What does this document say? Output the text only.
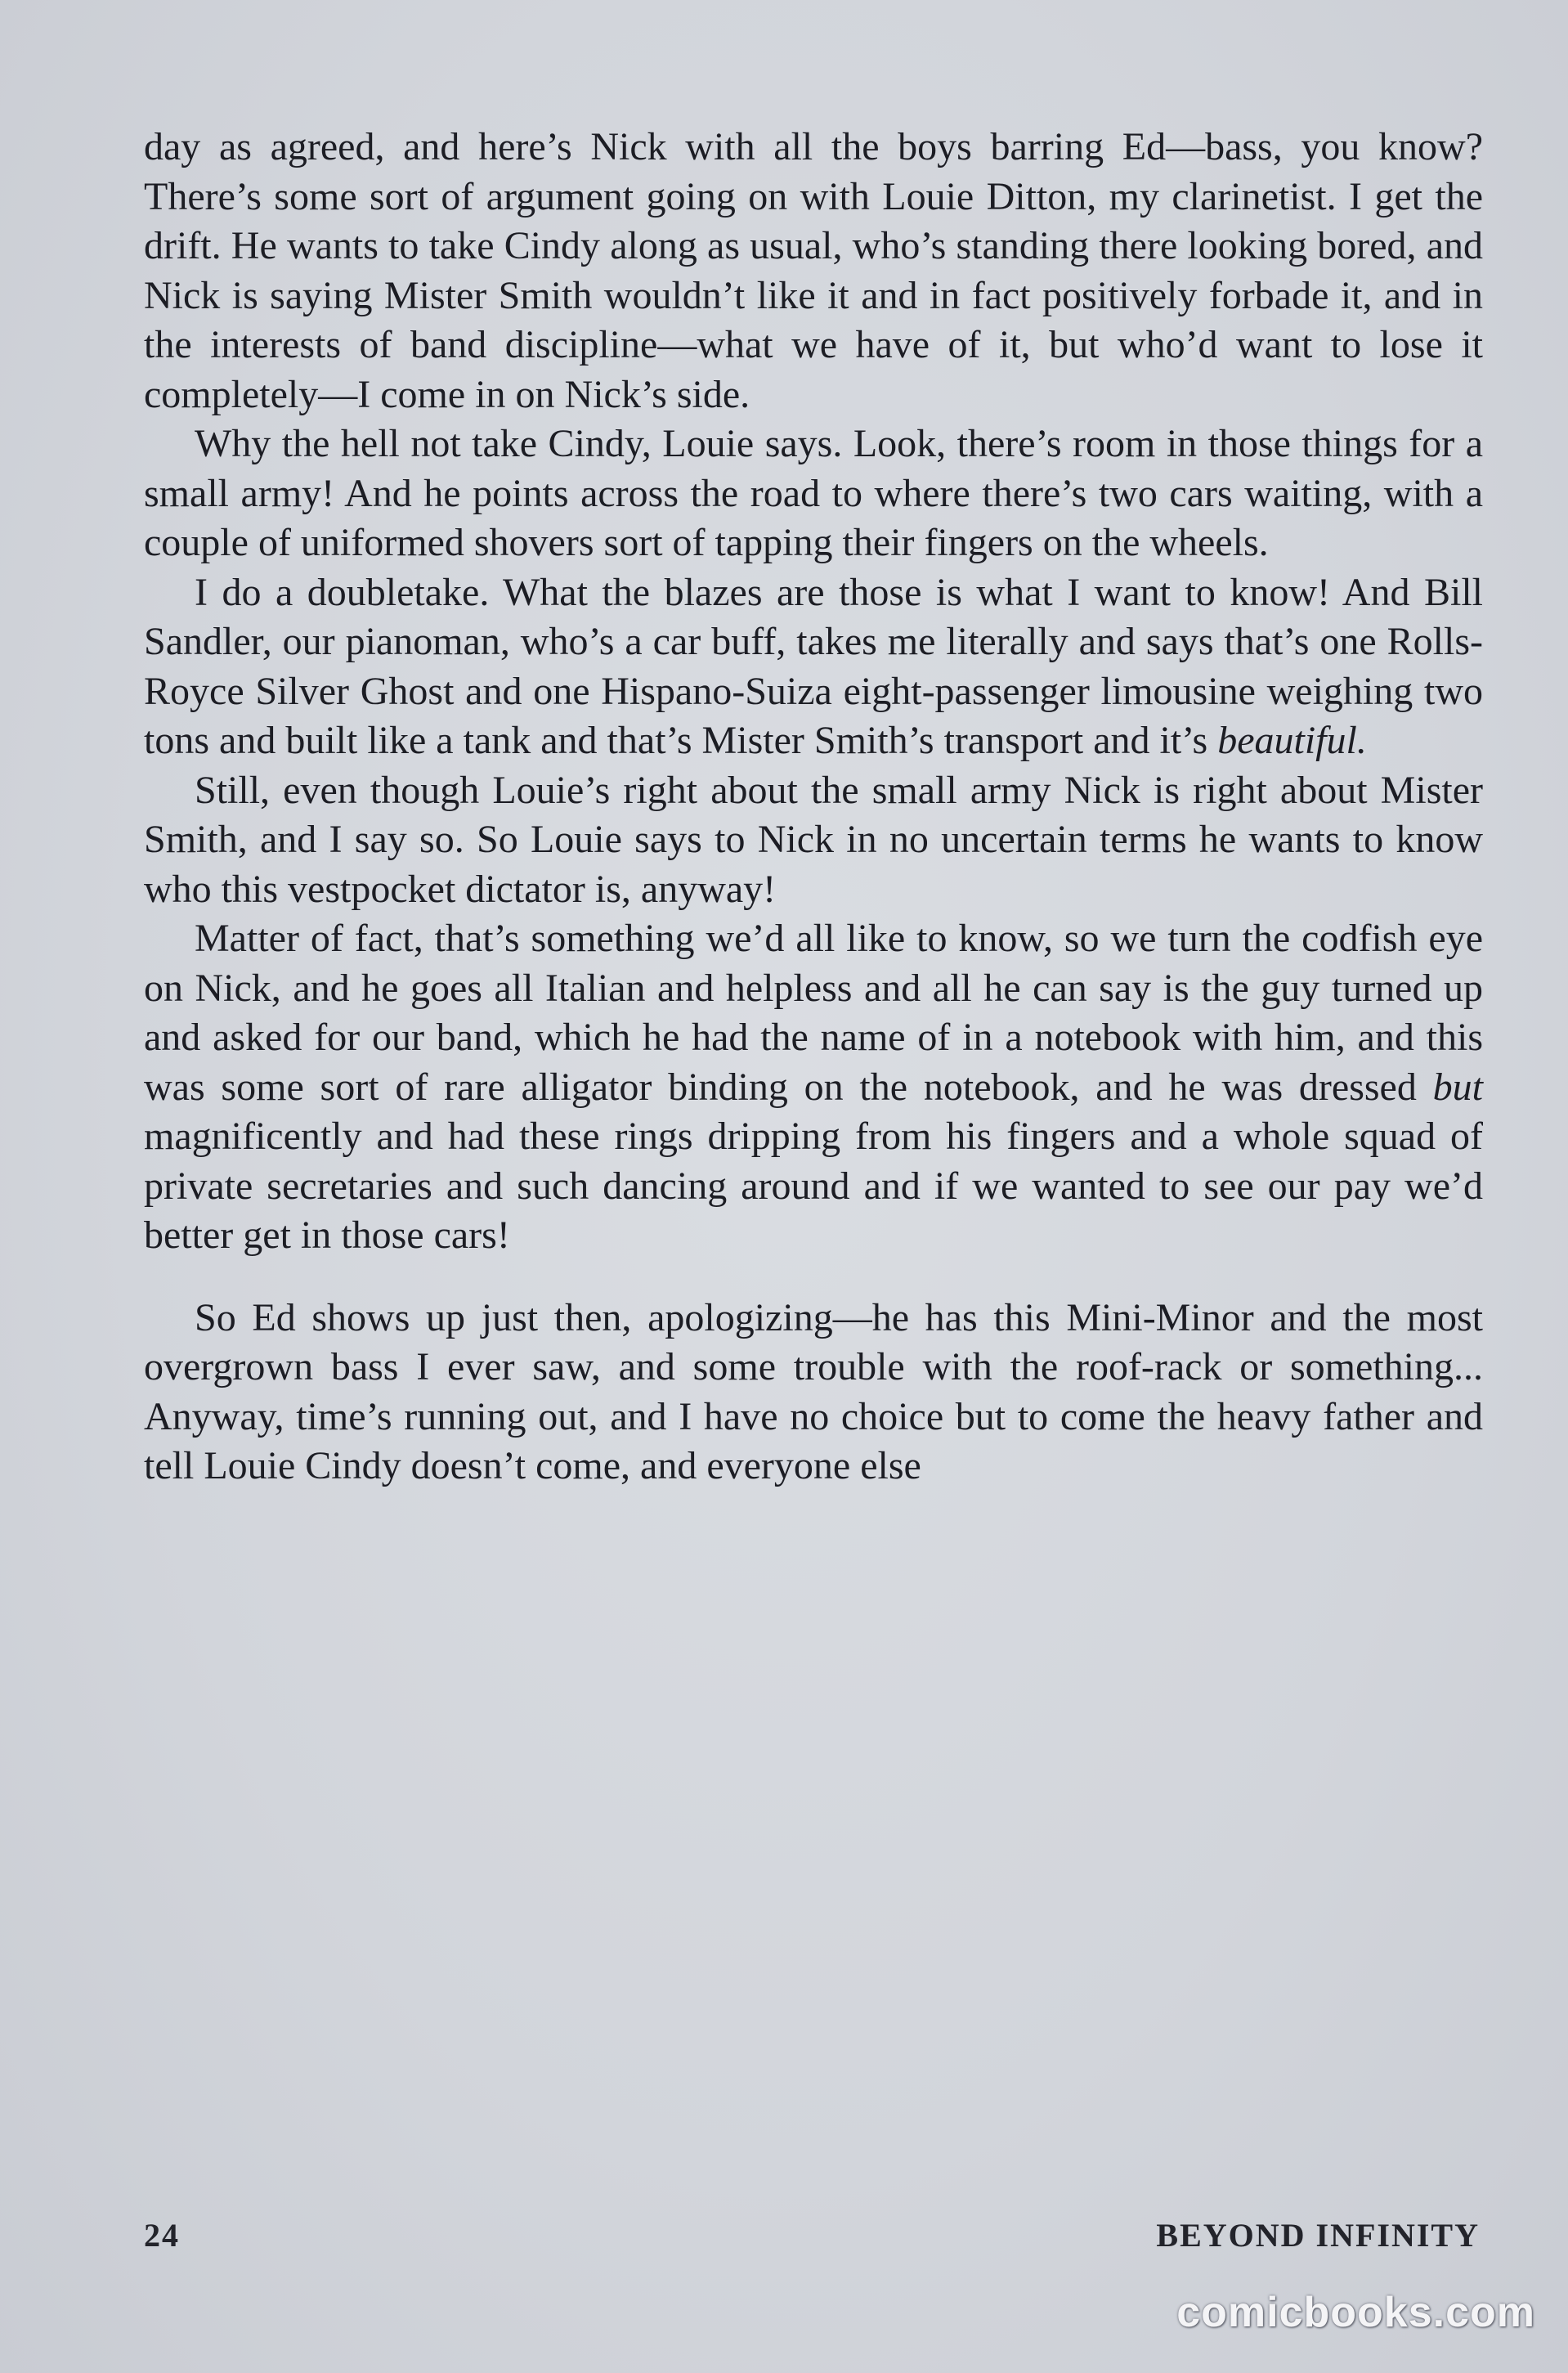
day as agreed, and here’s Nick with all the boys barring Ed—bass, you know? There’s some sort of argument going on with Louie Ditton, my clarinetist. I get the drift. He wants to take Cindy along as usual, who’s standing there looking bored, and Nick is saying Mister Smith wouldn’t like it and in fact positively forbade it, and in the interests of band discipline—what we have of it, but who’d want to lose it completely—I come in on Nick’s side.

Why the hell not take Cindy, Louie says. Look, there’s room in those things for a small army! And he points across the road to where there’s two cars waiting, with a couple of uniformed shovers sort of tapping their fingers on the wheels.

I do a doubletake. What the blazes are those is what I want to know! And Bill Sandler, our pianoman, who’s a car buff, takes me literally and says that’s one Rolls-Royce Silver Ghost and one Hispano-Suiza eight-passenger limousine weighing two tons and built like a tank and that’s Mister Smith’s transport and it’s beautiful.

Still, even though Louie’s right about the small army Nick is right about Mister Smith, and I say so. So Louie says to Nick in no uncertain terms he wants to know who this vestpocket dictator is, anyway!

Matter of fact, that’s something we’d all like to know, so we turn the codfish eye on Nick, and he goes all Italian and helpless and all he can say is the guy turned up and asked for our band, which he had the name of in a notebook with him, and this was some sort of rare alligator binding on the notebook, and he was dressed but magnificently and had these rings dripping from his fingers and a whole squad of private secretaries and such dancing around and if we wanted to see our pay we’d better get in those cars!

So Ed shows up just then, apologizing—he has this Mini-Minor and the most overgrown bass I ever saw, and some trouble with the roof-rack or something... Anyway, time’s running out, and I have no choice but to come the heavy father and tell Louie Cindy doesn’t come, and everyone else

24	BEYOND INFINITY
comicbooks.com
